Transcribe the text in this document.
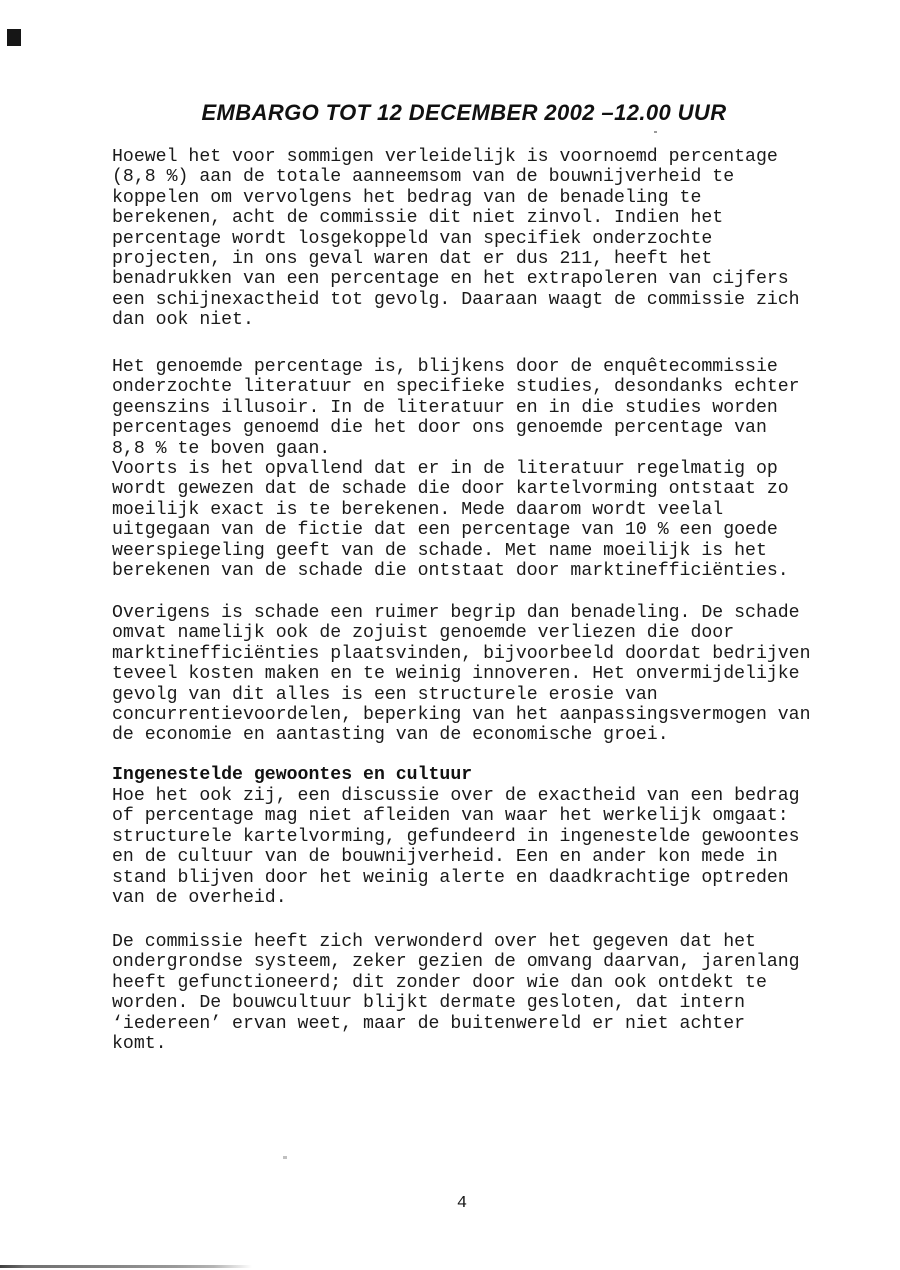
EMBARGO TOT 12 DECEMBER 2002 –12.00 UUR
Hoewel het voor sommigen verleidelijk is voornoemd percentage
(8,8 %) aan de totale aanneemsom van de bouwnijverheid te
koppelen om vervolgens het bedrag van de benadeling te
berekenen, acht de commissie dit niet zinvol. Indien het
percentage wordt losgekoppeld van specifiek onderzochte
projecten, in ons geval waren dat er dus 211, heeft het
benadrukken van een percentage en het extrapoleren van cijfers
een schijnexactheid tot gevolg. Daaraan waagt de commissie zich
dan ook niet.
Het genoemde percentage is, blijkens door de enquêtecommissie
onderzochte literatuur en specifieke studies, desondanks echter
geenszins illusoir. In de literatuur en in die studies worden
percentages genoemd die het door ons genoemde percentage van
8,8 % te boven gaan.
Voorts is het opvallend dat er in de literatuur regelmatig op
wordt gewezen dat de schade die door kartelvorming ontstaat zo
moeilijk exact is te berekenen. Mede daarom wordt veelal
uitgegaan van de fictie dat een percentage van 10 % een goede
weerspiegeling geeft van de schade. Met name moeilijk is het
berekenen van de schade die ontstaat door marktinefficiënties.
Overigens is schade een ruimer begrip dan benadeling. De schade
omvat namelijk ook de zojuist genoemde verliezen die door
marktinefficiënties plaatsvinden, bijvoorbeeld doordat bedrijven
teveel kosten maken en te weinig innoveren. Het onvermijdelijke
gevolg van dit alles is een structurele erosie van
concurrentievoordelen, beperking van het aanpassingsvermogen van
de economie en aantasting van de economische groei.
Ingenestelde gewoontes en cultuur
Hoe het ook zij, een discussie over de exactheid van een bedrag
of percentage mag niet afleiden van waar het werkelijk omgaat:
structurele kartelvorming, gefundeerd in ingenestelde gewoontes
en de cultuur van de bouwnijverheid. Een en ander kon mede in
stand blijven door het weinig alerte en daadkrachtige optreden
van de overheid.
De commissie heeft zich verwonderd over het gegeven dat het
ondergrondse systeem, zeker gezien de omvang daarvan, jarenlang
heeft gefunctioneerd; dit zonder door wie dan ook ontdekt te
worden. De bouwcultuur blijkt dermate gesloten, dat intern
‘iedereen’ ervan weet, maar de buitenwereld er niet achter
komt.
4
